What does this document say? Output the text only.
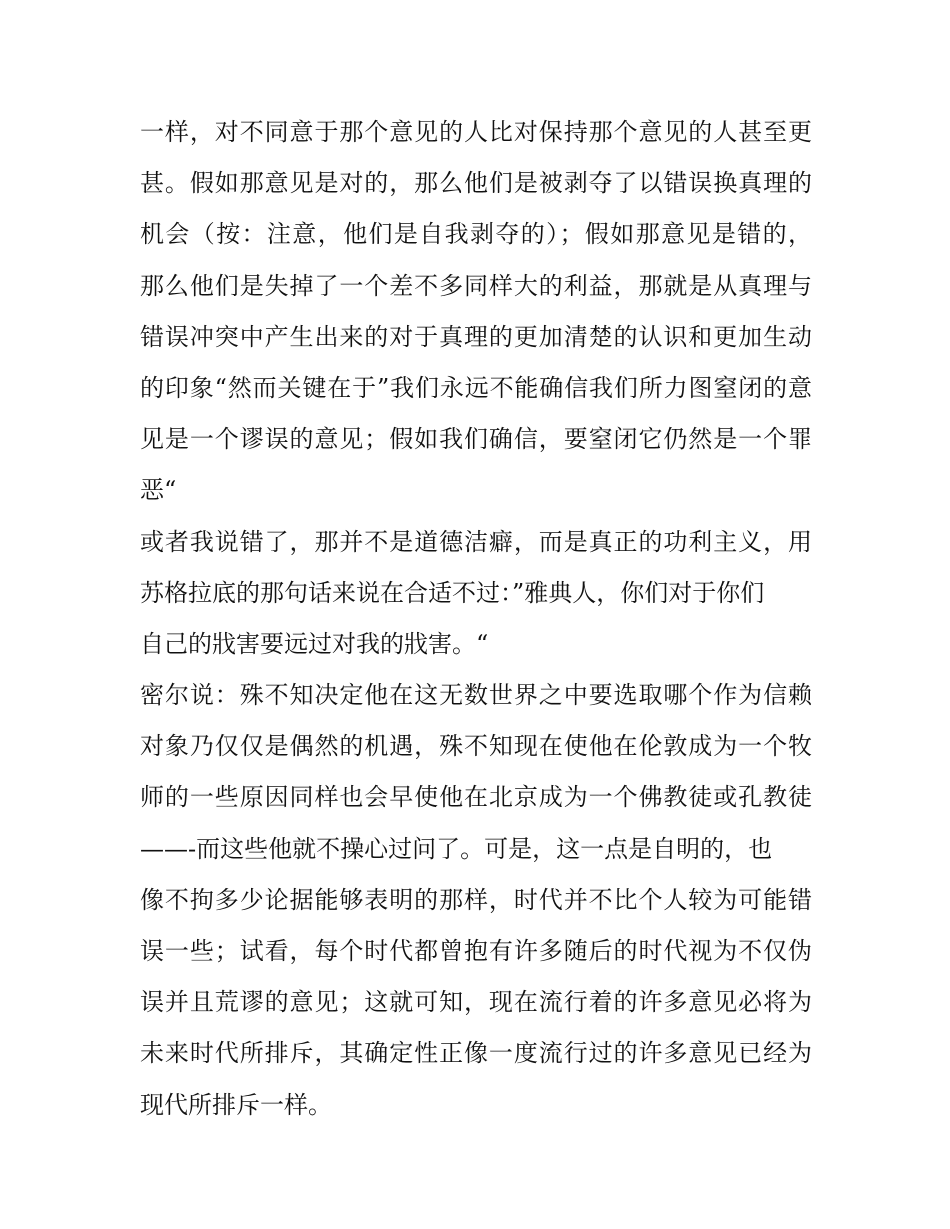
一样，对不同意于那个意见的人比对保持那个意见的人甚至更
甚。假如那意见是对的，那么他们是被剥夺了以错误换真理的
机会（按：注意，他们是自我剥夺的）；假如那意见是错的，
那么他们是失掉了一个差不多同样大的利益，那就是从真理与
错误冲突中产生出来的对于真理的更加清楚的认识和更加生动
的印象“然而关键在于”我们永远不能确信我们所力图窒闭的意
见是一个谬误的意见；假如我们确信，要窒闭它仍然是一个罪
恶“
或者我说错了，那并不是道德洁癖，而是真正的功利主义，用
苏格拉底的那句话来说在合适不过：”雅典人，你们对于你们
自己的戕害要远过对我的戕害。“
密尔说：殊不知决定他在这无数世界之中要选取哪个作为信赖
对象乃仅仅是偶然的机遇，殊不知现在使他在伦敦成为一个牧
师的一些原因同样也会早使他在北京成为一个佛教徒或孔教徒
——-而这些他就不操心过问了。可是，这一点是自明的，也
像不拘多少论据能够表明的那样，时代并不比个人较为可能错
误一些；试看，每个时代都曾抱有许多随后的时代视为不仅伪
误并且荒谬的意见；这就可知，现在流行着的许多意见必将为
未来时代所排斥，其确定性正像一度流行过的许多意见已经为
现代所排斥一样。
